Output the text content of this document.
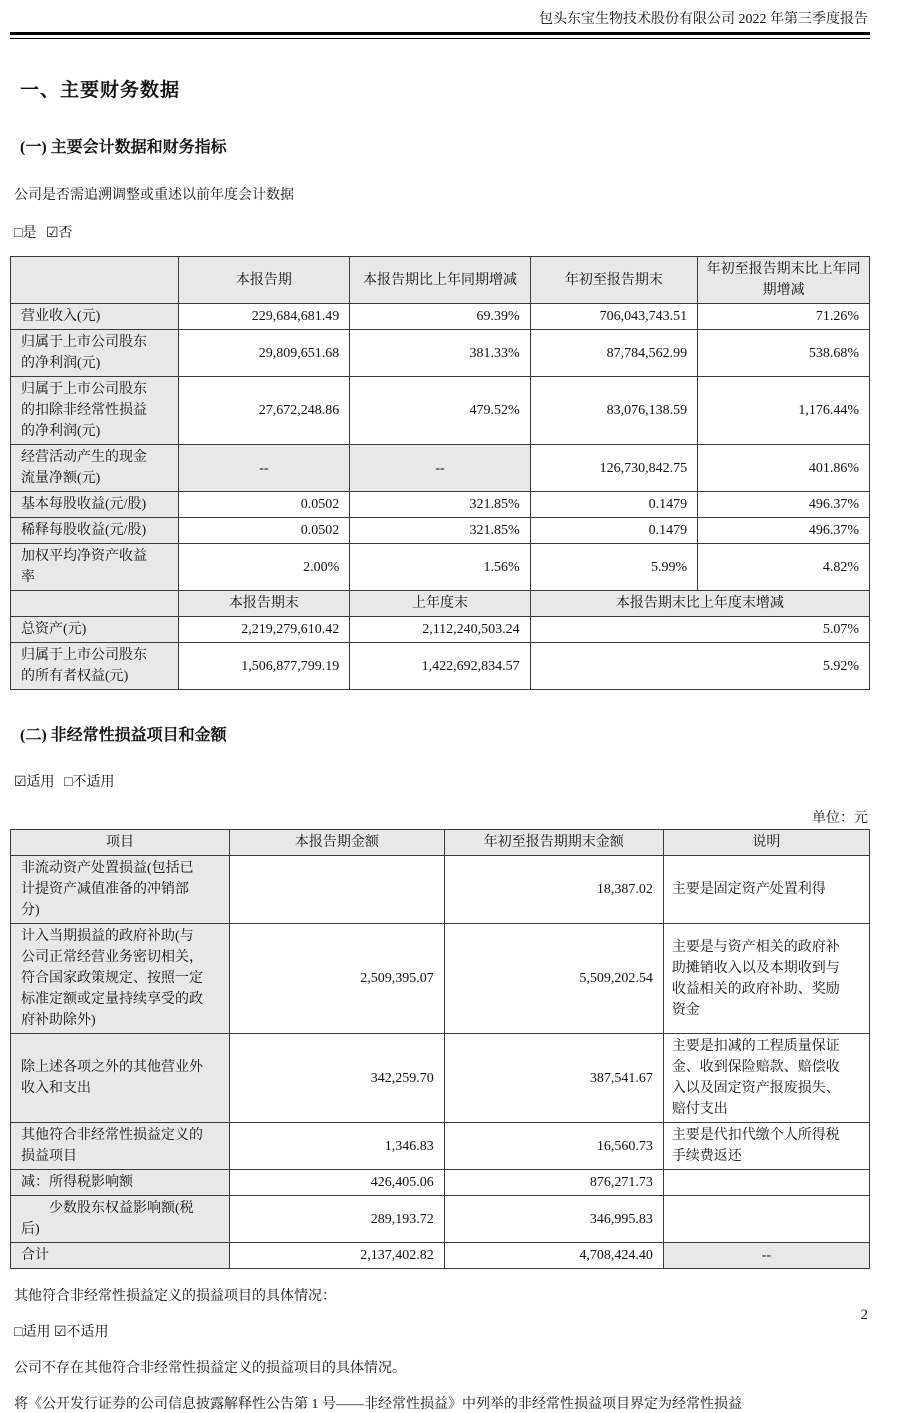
包头东宝生物技术股份有限公司 2022 年第三季度报告
一、主要财务数据
(一) 主要会计数据和财务指标

公司是否需追溯调整或重述以前年度会计数据

□是 ☑否

	本报告期	本报告期比上年同期增减	年初至报告期末	年初至报告期末比上年同期增减
营业收入(元)	229,684,681.49	69.39%	706,043,743.51	71.26%
归属于上市公司股东的净利润(元)	29,809,651.68	381.33%	87,784,562.99	538.68%
归属于上市公司股东的扣除非经常性损益的净利润(元)	27,672,248.86	479.52%	83,076,138.59	1,176.44%
经营活动产生的现金流量净额(元)	--	--	126,730,842.75	401.86%
基本每股收益(元/股)	0.0502	321.85%	0.1479	496.37%
稀释每股收益(元/股)	0.0502	321.85%	0.1479	496.37%
加权平均净资产收益率	2.00%	1.56%	5.99%	4.82%
	本报告期末	上年度末	本报告期末比上年度末增减	
总资产(元)	2,219,279,610.42	2,112,240,503.24	5.07%	
归属于上市公司股东的所有者权益(元)	1,506,877,799.19	1,422,692,834.57	5.92%	
(二) 非经常性损益项目和金额

☑适用 □不适用

单位：元
项目	本报告期金额	年初至报告期期末金额	说明
非流动资产处置损益(包括已计提资产减值准备的冲销部分)		18,387.02	主要是固定资产处置利得
计入当期损益的政府补助(与公司正常经营业务密切相关，符合国家政策规定、按照一定标准定额或定量持续享受的政府补助除外)	2,509,395.07	5,509,202.54	主要是与资产相关的政府补助摊销收入以及本期收到与收益相关的政府补助、奖励资金
除上述各项之外的其他营业外收入和支出	342,259.70	387,541.67	主要是扣减的工程质量保证金、收到保险赔款、赔偿收入以及固定资产报废损失、赔付支出
其他符合非经常性损益定义的损益项目	1,346.83	16,560.73	主要是代扣代缴个人所得税手续费返还
减：所得税影响额	426,405.06	876,271.73	
少数股东权益影响额(税后)	289,193.72	346,995.83	
合计	2,137,402.82	4,708,424.40	--

其他符合非经常性损益定义的损益项目的具体情况：

□适用 ☑不适用

公司不存在其他符合非经常性损益定义的损益项目的具体情况。

将《公开发行证券的公司信息披露解释性公告第 1 号——非经常性损益》中列举的非经常性损益项目界定为经常性损益

2
